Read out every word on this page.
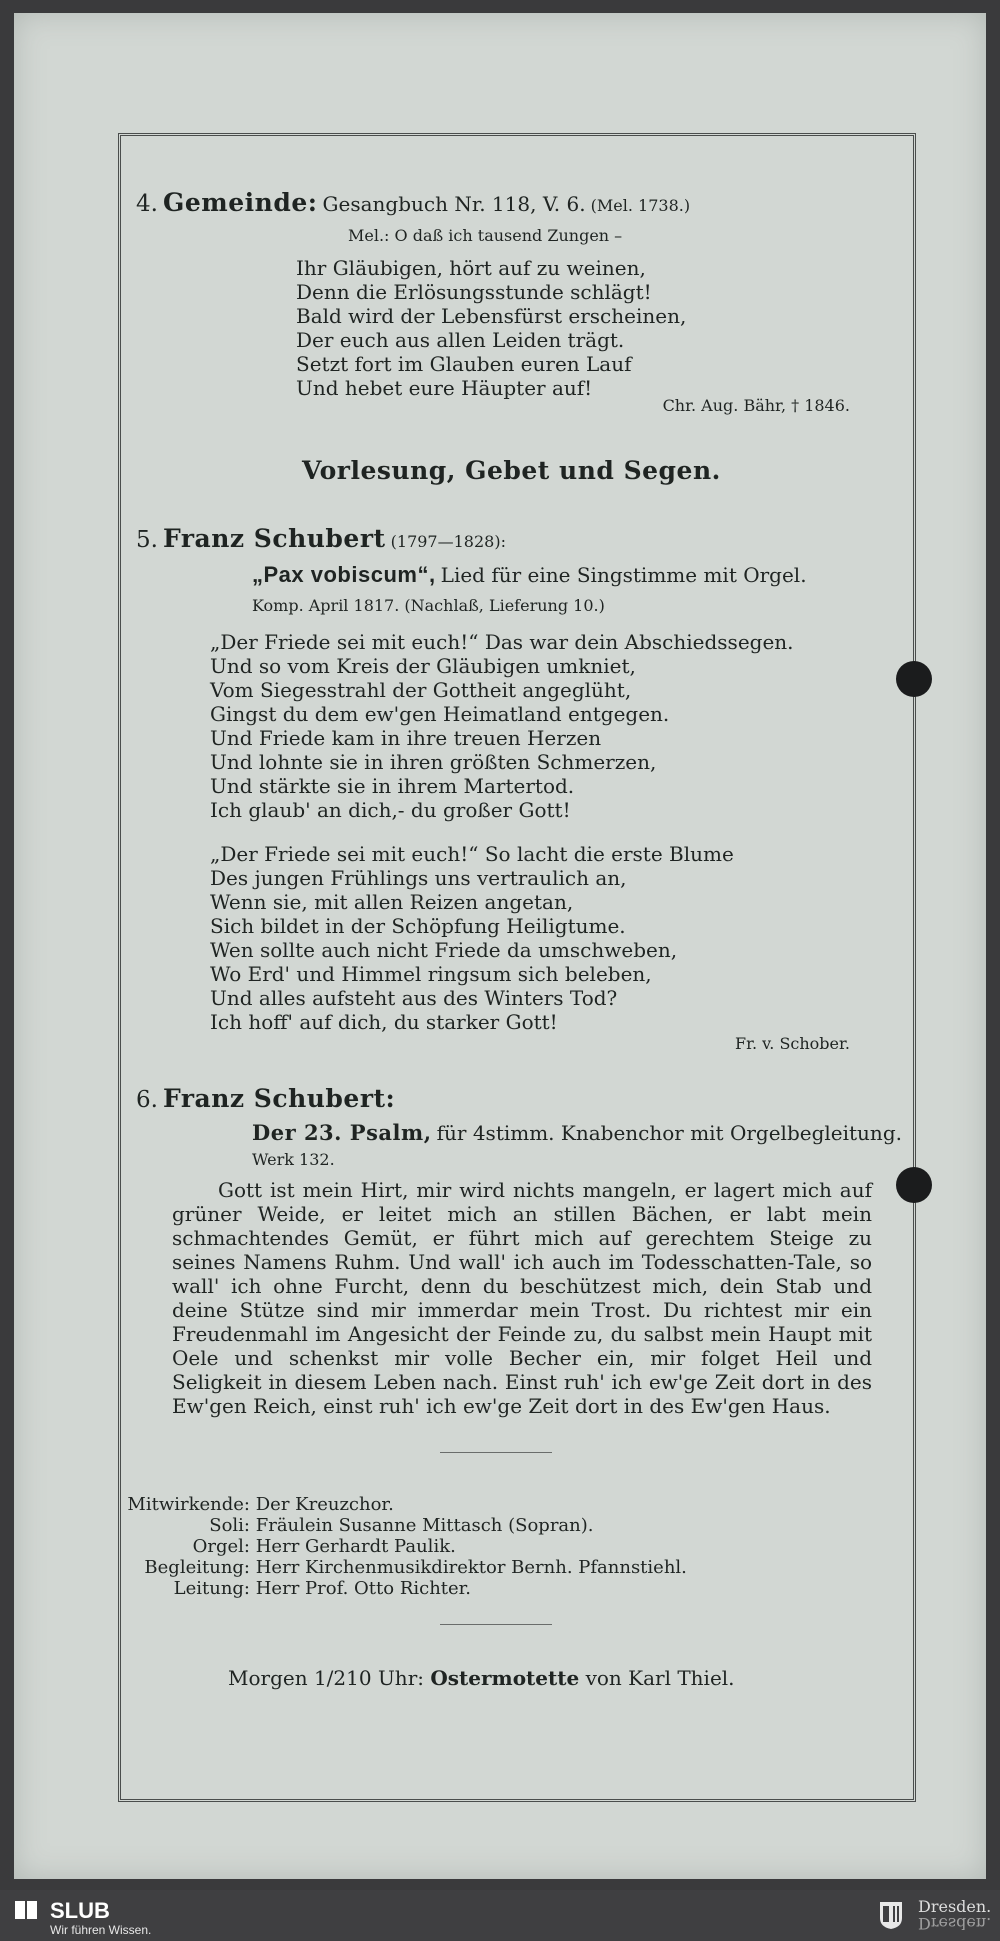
4. Gemeinde: Gesangbuch Nr. 118, V. 6. (Mel. 1738.)
Mel.: O daß ich tausend Zungen –
Ihr Gläubigen, hört auf zu weinen,
Denn die Erlösungsstunde schlägt!
Bald wird der Lebensfürst erscheinen,
Der euch aus allen Leiden trägt.
Setzt fort im Glauben euren Lauf
Und hebet eure Häupter auf!
Chr. Aug. Bähr, † 1846.
Vorlesung, Gebet und Segen.
5. Franz Schubert (1797—1828):
„Pax vobiscum“, Lied für eine Singstimme mit Orgel.
Komp. April 1817. (Nachlaß, Lieferung 10.)
„Der Friede sei mit euch!“ Das war dein Abschiedssegen.
Und so vom Kreis der Gläubigen umkniet,
Vom Siegesstrahl der Gottheit angeglüht,
Gingst du dem ew'gen Heimatland entgegen.
Und Friede kam in ihre treuen Herzen
Und lohnte sie in ihren größten Schmerzen,
Und stärkte sie in ihrem Martertod.
Ich glaub' an dich,- du großer Gott!
„Der Friede sei mit euch!“ So lacht die erste Blume
Des jungen Frühlings uns vertraulich an,
Wenn sie, mit allen Reizen angetan,
Sich bildet in der Schöpfung Heiligtume.
Wen sollte auch nicht Friede da umschweben,
Wo Erd' und Himmel ringsum sich beleben,
Und alles aufsteht aus des Winters Tod?
Ich hoff' auf dich, du starker Gott!
Fr. v. Schober.
6. Franz Schubert:
Der 23. Psalm, für 4stimm. Knabenchor mit Orgelbegleitung.
Werk 132.
Gott ist mein Hirt, mir wird nichts mangeln, er lagert mich auf grüner Weide, er leitet mich an stillen Bächen, er labt mein schmachtendes Gemüt, er führt mich auf gerechtem Steige zu seines Namens Ruhm. Und wall' ich auch im Todesschatten-Tale, so wall' ich ohne Furcht, denn du beschützest mich, dein Stab und deine Stütze sind mir immerdar mein Trost. Du richtest mir ein Freudenmahl im Angesicht der Feinde zu, du salbst mein Haupt mit Oele und schenkst mir volle Becher ein, mir folget Heil und Seligkeit in diesem Leben nach. Einst ruh' ich ew'ge Zeit dort in des Ew'gen Reich, einst ruh' ich ew'ge Zeit dort in des Ew'gen Haus.
Mitwirkende: Der Kreuzchor.
Soli: Fräulein Susanne Mittasch (Sopran).
Orgel: Herr Gerhardt Paulik.
Begleitung: Herr Kirchenmusikdirektor Bernh. Pfannstiehl.
Leitung: Herr Prof. Otto Richter.
Morgen 1/210 Uhr: Ostermotette von Karl Thiel.
SLUB
Wir führen Wissen.
Dresden.
Dresden.
